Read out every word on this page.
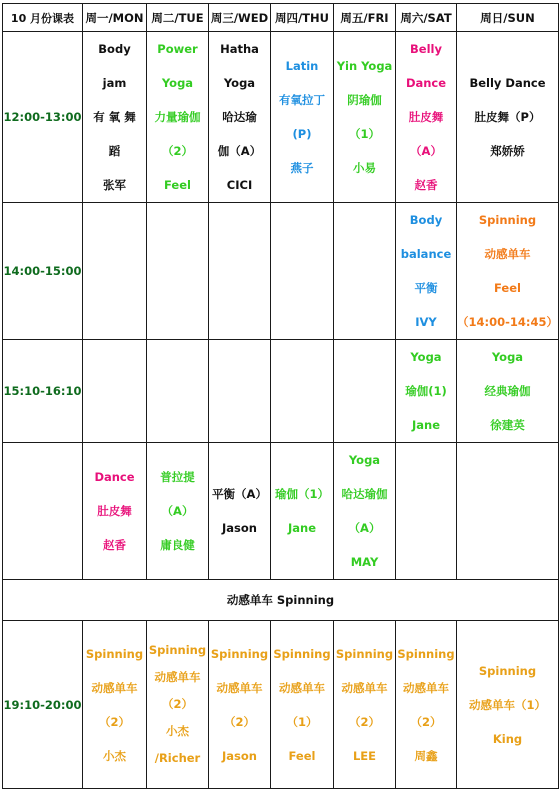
10 月份课表	周一/MON	周二/TUE	周三/WED	周四/THU	周五/FRI	周六/SAT	周日/SUN
12:00-13:00	Body
jam
有 氧 舞
蹈
张军	Power
Yoga
力量瑜伽
（2）
Feel	Hatha
Yoga
哈达瑜
伽（A）
CICI	Latin
有氧拉丁
(P)
燕子	Yin Yoga
阴瑜伽
（1）
小易	Belly
Dance
肚皮舞
（A）
赵香	Belly Dance
肚皮舞（P）
郑娇娇

14:00-15:00						Body
balance
平衡
IVY	Spinning
动感单车
Feel
（14:00-14:45）

15:10-16:10						Yoga
瑜伽(1)
Jane	Yoga
经典瑜伽
徐建英

	Dance
肚皮舞
赵香	普拉提
（A）
庸良健	平衡（A）
Jason	瑜伽（1）
Jane	Yoga
哈达瑜伽
（A）
MAY		

动感单车 Spinning							
19:10-20:00	Spinning
动感单车
（2）
小杰	Spinning
动感单车
（2）
小杰
/Richer	Spinning
动感单车
（2）
Jason	Spinning
动感单车
（1）
Feel	Spinning
动感单车
（2）
LEE	Spinning
动感单车
（2）
周鑫	Spinning
动感单车（1）
King
